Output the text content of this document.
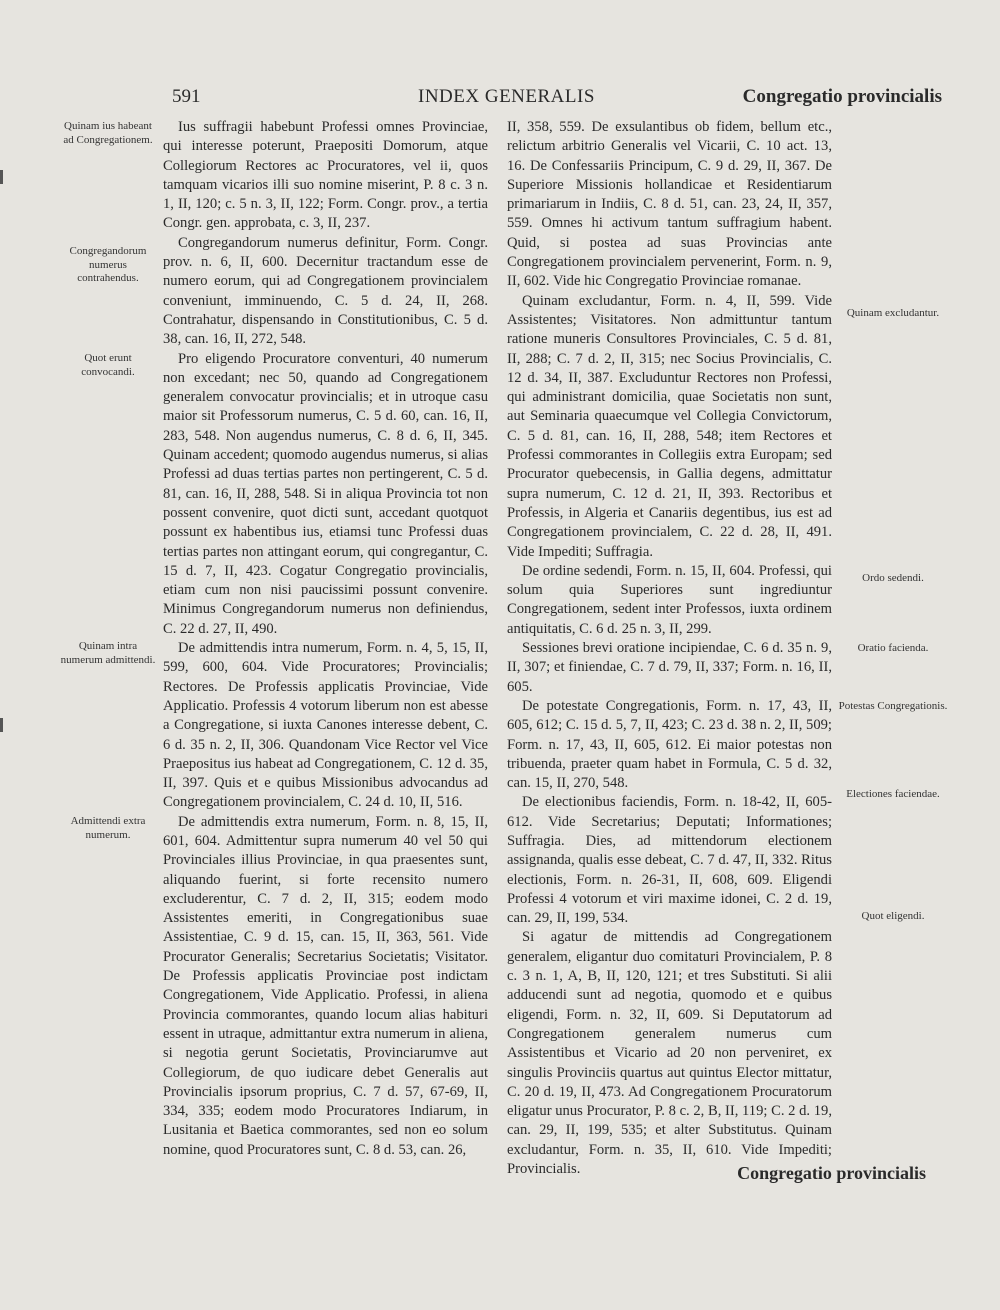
591	INDEX GENERALIS	Congregatio provincialis
Quinam ius habeant ad Congregationem.
Congregandorum numerus contrahendus.
Quot erunt convocandi.
Quinam intra numerum admittendi.
Admittendi extra numerum.
Quinam excludantur.
Ordo sedendi.
Oratio facienda.
Potestas Congregationis.
Electiones faciendae.
Quot eligendi.

Ius suffragii habebunt Professi omnes Provinciae, qui interesse poterunt, Praepositi Domorum, atque Collegiorum Rectores ac Procuratores, vel ii, quos tamquam vicarios illi suo nomine miserint, P. 8 c. 3 n. 1, II, 120; c. 5 n. 3, II, 122; Form. Congr. prov., a tertia Congr. gen. approbata, c. 3, II, 237.

Congregandorum numerus definitur, Form. Congr. prov. n. 6, II, 600. Decernitur tractandum esse de numero eorum, qui ad Congregationem provincialem conveniunt, imminuendo, C. 5 d. 24, II, 268. Contrahatur, dispensando in Constitutionibus, C. 5 d. 38, can. 16, II, 272, 548.

Pro eligendo Procuratore conventuri, 40 numerum non excedant; nec 50, quando ad Congregationem generalem convocatur provincialis; et in utroque casu maior sit Professorum numerus, C. 5 d. 60, can. 16, II, 283, 548. Non augendus numerus, C. 8 d. 6, II, 345. Quinam accedent; quomodo augendus numerus, si alias Professi ad duas tertias partes non pertingerent, C. 5 d. 81, can. 16, II, 288, 548. Si in aliqua Provincia tot non possent convenire, quot dicti sunt, accedant quotquot possunt ex habentibus ius, etiamsi tunc Professi duas tertias partes non attingant eorum, qui congregantur, C. 15 d. 7, II, 423. Cogatur Congregatio provincialis, etiam cum non nisi paucissimi possunt convenire. Minimus Congregandorum numerus non definiendus, C. 22 d. 27, II, 490.

De admittendis intra numerum, Form. n. 4, 5, 15, II, 599, 600, 604. Vide Procuratores; Provincialis; Rectores. De Professis applicatis Provinciae, Vide Applicatio. Professis 4 votorum liberum non est abesse a Congregatione, si iuxta Canones interesse debent, C. 6 d. 35 n. 2, II, 306. Quandonam Vice Rector vel Vice Praepositus ius habeat ad Congregationem, C. 12 d. 35, II, 397. Quis et e quibus Missionibus advocandus ad Congregationem provincialem, C. 24 d. 10, II, 516.

De admittendis extra numerum, Form. n. 8, 15, II, 601, 604. Admittentur supra numerum 40 vel 50 qui Provinciales illius Provinciae, in qua praesentes sunt, aliquando fuerint, si forte recensito numero excluderentur, C. 7 d. 2, II, 315; eodem modo Assistentes emeriti, in Congregationibus suae Assistentiae, C. 9 d. 15, can. 15, II, 363, 561. Vide Procurator Generalis; Secretarius Societatis; Visitator. De Professis applicatis Provinciae post indictam Congregationem, Vide Applicatio. Professi, in aliena Provincia commorantes, quando locum alias habituri essent in utraque, admittantur extra numerum in aliena, si negotia gerunt Societatis, Provinciarumve aut Collegiorum, de quo iudicare debet Generalis aut Provincialis ipsorum proprius, C. 7 d. 57, 67-69, II, 334, 335; eodem modo Procuratores Indiarum, in Lusitania et Baetica commorantes, sed non eo solum nomine, quod Procuratores sunt, C. 8 d. 53, can. 26,

II, 358, 559. De exsulantibus ob fidem, bellum etc., relictum arbitrio Generalis vel Vicarii, C. 10 act. 13, 16. De Confessariis Principum, C. 9 d. 29, II, 367. De Superiore Missionis hollandicae et Residentiarum primariarum in Indiis, C. 8 d. 51, can. 23, 24, II, 357, 559. Omnes hi activum tantum suffragium habent. Quid, si postea ad suas Provincias ante Congregationem provincialem pervenerint, Form. n. 9, II, 602. Vide hic Congregatio Provinciae romanae.

Quinam excludantur, Form. n. 4, II, 599. Vide Assistentes; Visitatores. Non admittuntur tantum ratione muneris Consultores Provinciales, C. 5 d. 81, II, 288; C. 7 d. 2, II, 315; nec Socius Provincialis, C. 12 d. 34, II, 387. Excluduntur Rectores non Professi, qui administrant domicilia, quae Societatis non sunt, aut Seminaria quaecumque vel Collegia Convictorum, C. 5 d. 81, can. 16, II, 288, 548; item Rectores et Professi commorantes in Collegiis extra Europam; sed Procurator quebecensis, in Gallia degens, admittatur supra numerum, C. 12 d. 21, II, 393. Rectoribus et Professis, in Algeria et Canariis degentibus, ius est ad Congregationem provincialem, C. 22 d. 28, II, 491. Vide Impediti; Suffragia.

De ordine sedendi, Form. n. 15, II, 604. Professi, qui solum quia Superiores sunt ingrediuntur Congregationem, sedent inter Professos, iuxta ordinem antiquitatis, C. 6 d. 25 n. 3, II, 299.

Sessiones brevi oratione incipiendae, C. 6 d. 35 n. 9, II, 307; et finiendae, C. 7 d. 79, II, 337; Form. n. 16, II, 605.

De potestate Congregationis, Form. n. 17, 43, II, 605, 612; C. 15 d. 5, 7, II, 423; C. 23 d. 38 n. 2, II, 509; Form. n. 17, 43, II, 605, 612. Ei maior potestas non tribuenda, praeter quam habet in Formula, C. 5 d. 32, can. 15, II, 270, 548.

De electionibus faciendis, Form. n. 18-42, II, 605-612. Vide Secretarius; Deputati; Informationes; Suffragia. Dies, ad mittendorum electionem assignanda, qualis esse debeat, C. 7 d. 47, II, 332. Ritus electionis, Form. n. 26-31, II, 608, 609. Eligendi Professi 4 votorum et viri maxime idonei, C. 2 d. 19, can. 29, II, 199, 534.

Si agatur de mittendis ad Congregationem generalem, eligantur duo comitaturi Provincialem, P. 8 c. 3 n. 1, A, B, II, 120, 121; et tres Substituti. Si alii adducendi sunt ad negotia, quomodo et e quibus eligendi, Form. n. 32, II, 609. Si Deputatorum ad Congregationem generalem numerus cum Assistentibus et Vicario ad 20 non perveniret, ex singulis Provinciis quartus aut quintus Elector mittatur, C. 20 d. 19, II, 473. Ad Congregationem Procuratorum eligatur unus Procurator, P. 8 c. 2, B, II, 119; C. 2 d. 19, can. 29, II, 199, 535; et alter Substitutus. Quinam excludantur, Form. n. 35, II, 610. Vide Impediti; Provincialis.	Congregatio provincialis
